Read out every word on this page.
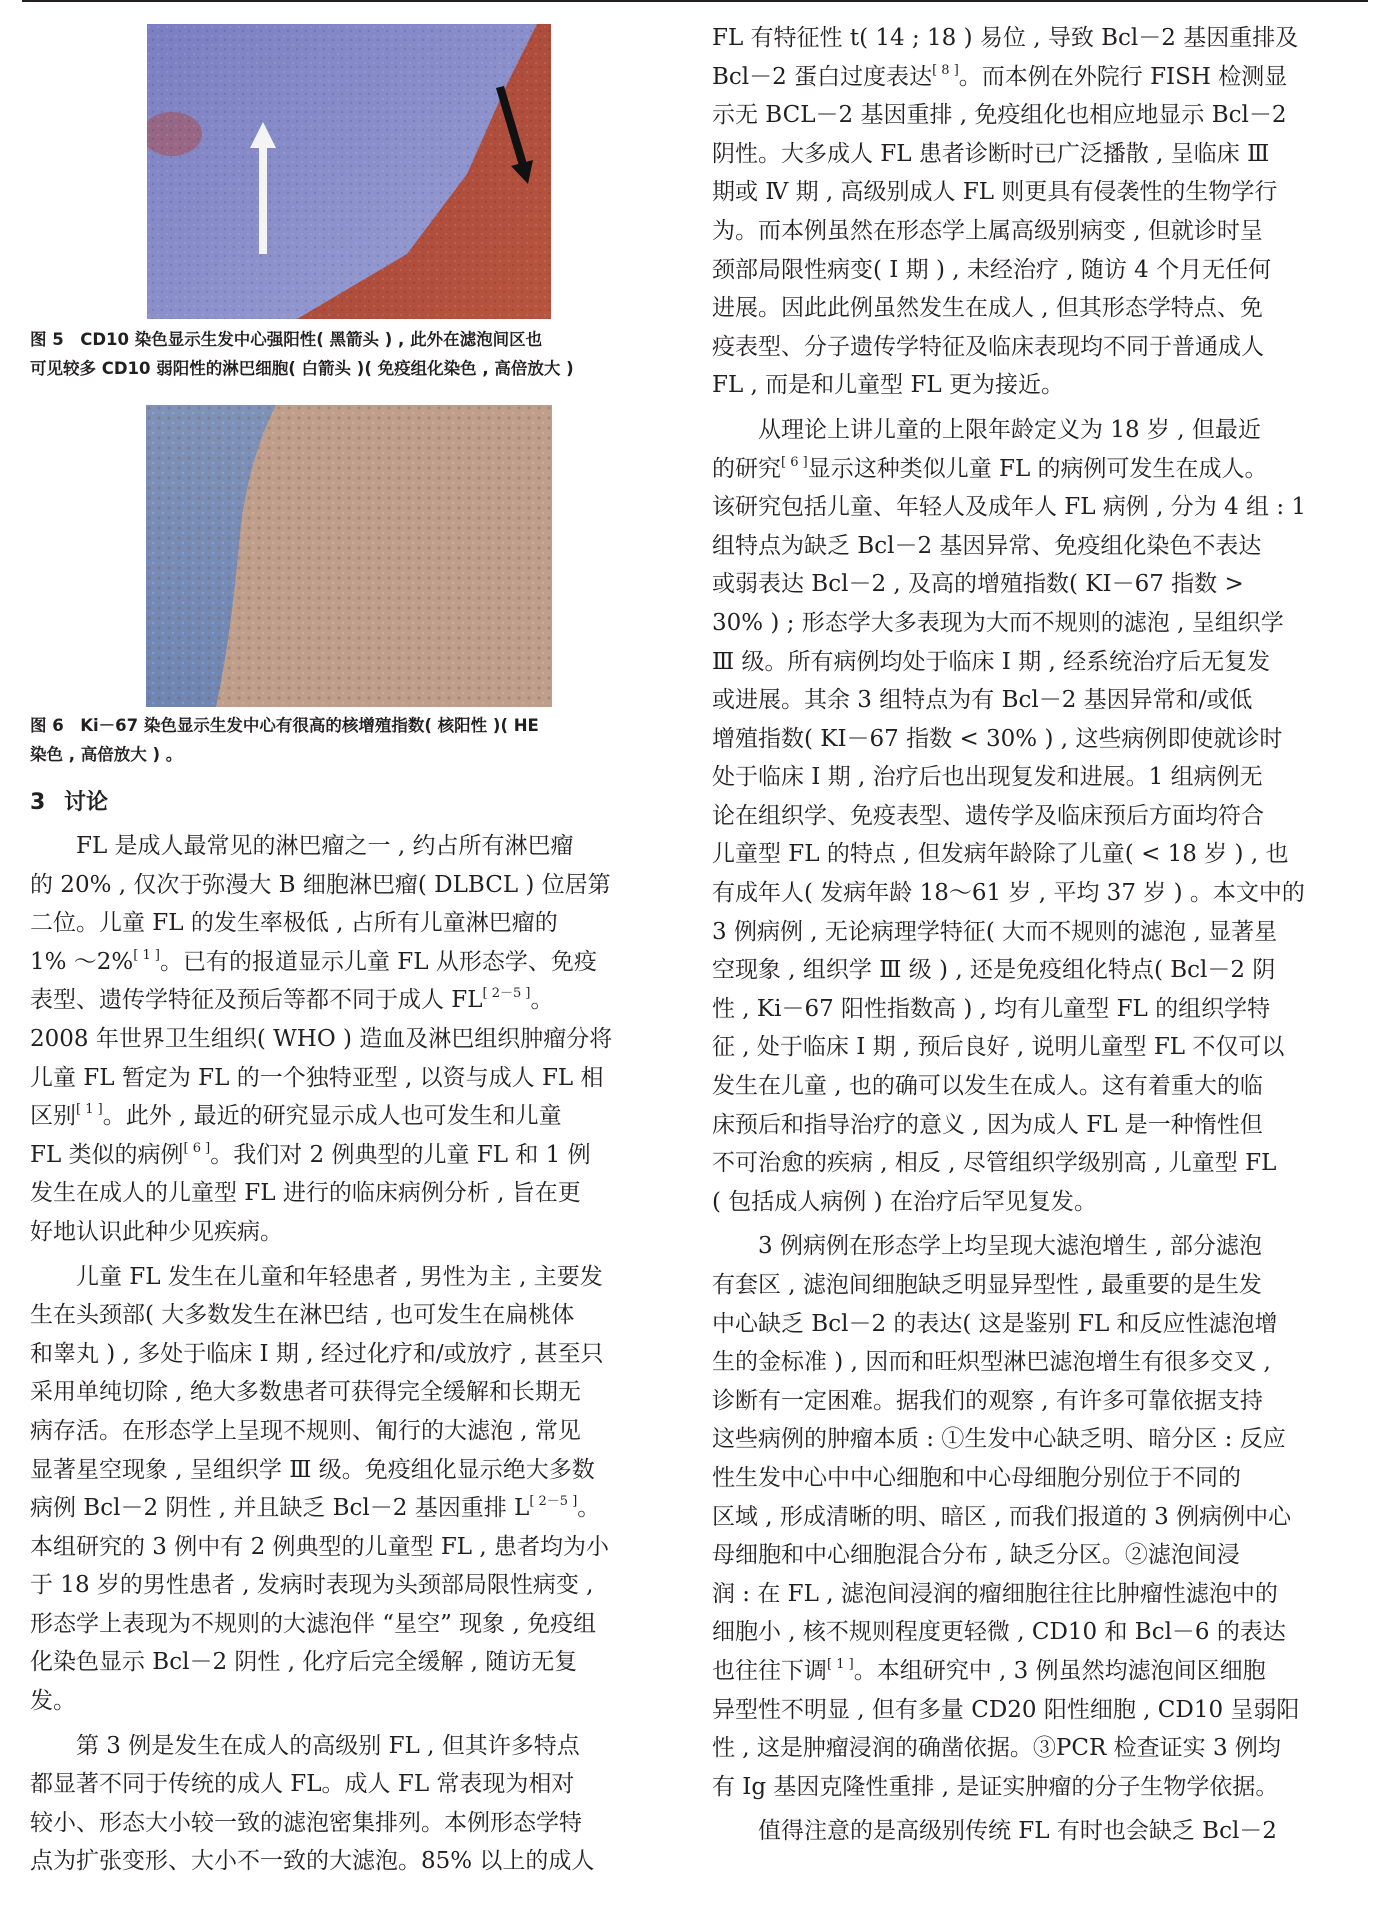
图 5　CD10 染色显示生发中心强阳性( 黑箭头 ) , 此外在滤泡间区也
可见较多 CD10 弱阳性的淋巴细胞( 白箭头 )( 免疫组化染色 , 高倍放大 )
图 6　Ki－67 染色显示生发中心有很高的核增殖指数( 核阳性 )( HE
染色 , 高倍放大 ) 。
3 讨论
　　FL 是成人最常见的淋巴瘤之一 , 约占所有淋巴瘤
的 20% , 仅次于弥漫大 B 细胞淋巴瘤( DLBCL ) 位居第
二位。儿童 FL 的发生率极低 , 占所有儿童淋巴瘤的
1% ～2%[ 1 ]。已有的报道显示儿童 FL 从形态学、免疫
表型、遗传学特征及预后等都不同于成人 FL[ 2－5 ]。
2008 年世界卫生组织( WHO ) 造血及淋巴组织肿瘤分将
儿童 FL 暂定为 FL 的一个独特亚型 , 以资与成人 FL 相
区别[ 1 ]。此外 , 最近的研究显示成人也可发生和儿童
FL 类似的病例[ 6 ]。我们对 2 例典型的儿童 FL 和 1 例
发生在成人的儿童型 FL 进行的临床病例分析 , 旨在更
好地认识此种少见疾病。
　　儿童 FL 发生在儿童和年轻患者 , 男性为主 , 主要发
生在头颈部( 大多数发生在淋巴结 , 也可发生在扁桃体
和睾丸 ) , 多处于临床 Ⅰ 期 , 经过化疗和/或放疗 , 甚至只
采用单纯切除 , 绝大多数患者可获得完全缓解和长期无
病存活。在形态学上呈现不规则、匍行的大滤泡 , 常见
显著星空现象 , 呈组织学 Ⅲ 级。免疫组化显示绝大多数
病例 Bcl－2 阴性 , 并且缺乏 Bcl－2 基因重排 L[ 2－5 ]。
本组研究的 3 例中有 2 例典型的儿童型 FL , 患者均为小
于 18 岁的男性患者 , 发病时表现为头颈部局限性病变 ,
形态学上表现为不规则的大滤泡伴 “星空” 现象 , 免疫组
化染色显示 Bcl－2 阴性 , 化疗后完全缓解 , 随访无复
发。
　　第 3 例是发生在成人的高级别 FL , 但其许多特点
都显著不同于传统的成人 FL。成人 FL 常表现为相对
较小、形态大小较一致的滤泡密集排列。本例形态学特
点为扩张变形、大小不一致的大滤泡。85% 以上的成人
FL 有特征性 t( 14 ; 18 ) 易位 , 导致 Bcl－2 基因重排及
Bcl－2 蛋白过度表达[ 8 ]。而本例在外院行 FISH 检测显
示无 BCL－2 基因重排 , 免疫组化也相应地显示 Bcl－2
阴性。大多成人 FL 患者诊断时已广泛播散 , 呈临床 Ⅲ
期或 Ⅳ 期 , 高级别成人 FL 则更具有侵袭性的生物学行
为。而本例虽然在形态学上属高级别病变 , 但就诊时呈
颈部局限性病变( Ⅰ 期 ) , 未经治疗 , 随访 4 个月无任何
进展。因此此例虽然发生在成人 , 但其形态学特点、免
疫表型、分子遗传学特征及临床表现均不同于普通成人
FL , 而是和儿童型 FL 更为接近。
　　从理论上讲儿童的上限年龄定义为 18 岁 , 但最近
的研究[ 6 ]显示这种类似儿童 FL 的病例可发生在成人。
该研究包括儿童、年轻人及成年人 FL 病例 , 分为 4 组 : 1
组特点为缺乏 Bcl－2 基因异常、免疫组化染色不表达
或弱表达 Bcl－2 , 及高的增殖指数( KI－67 指数 >
30% ) ; 形态学大多表现为大而不规则的滤泡 , 呈组织学
Ⅲ 级。所有病例均处于临床 Ⅰ 期 , 经系统治疗后无复发
或进展。其余 3 组特点为有 Bcl－2 基因异常和/或低
增殖指数( KI－67 指数 < 30% ) , 这些病例即使就诊时
处于临床 Ⅰ 期 , 治疗后也出现复发和进展。1 组病例无
论在组织学、免疫表型、遗传学及临床预后方面均符合
儿童型 FL 的特点 , 但发病年龄除了儿童( < 18 岁 ) , 也
有成年人( 发病年龄 18～61 岁 , 平均 37 岁 ) 。本文中的
3 例病例 , 无论病理学特征( 大而不规则的滤泡 , 显著星
空现象 , 组织学 Ⅲ 级 ) , 还是免疫组化特点( Bcl－2 阴
性 , Ki－67 阳性指数高 ) , 均有儿童型 FL 的组织学特
征 , 处于临床 Ⅰ 期 , 预后良好 , 说明儿童型 FL 不仅可以
发生在儿童 , 也的确可以发生在成人。这有着重大的临
床预后和指导治疗的意义 , 因为成人 FL 是一种惰性但
不可治愈的疾病 , 相反 , 尽管组织学级别高 , 儿童型 FL
( 包括成人病例 ) 在治疗后罕见复发。
　　3 例病例在形态学上均呈现大滤泡增生 , 部分滤泡
有套区 , 滤泡间细胞缺乏明显异型性 , 最重要的是生发
中心缺乏 Bcl－2 的表达( 这是鉴别 FL 和反应性滤泡增
生的金标准 ) , 因而和旺炽型淋巴滤泡增生有很多交叉 ,
诊断有一定困难。据我们的观察 , 有许多可靠依据支持
这些病例的肿瘤本质 : ①生发中心缺乏明、暗分区 : 反应
性生发中心中中心细胞和中心母细胞分别位于不同的
区域 , 形成清晰的明、暗区 , 而我们报道的 3 例病例中心
母细胞和中心细胞混合分布 , 缺乏分区。②滤泡间浸
润 : 在 FL , 滤泡间浸润的瘤细胞往往比肿瘤性滤泡中的
细胞小 , 核不规则程度更轻微 , CD10 和 Bcl－6 的表达
也往往下调[ 1 ]。本组研究中 , 3 例虽然均滤泡间区细胞
异型性不明显 , 但有多量 CD20 阳性细胞 , CD10 呈弱阳
性 , 这是肿瘤浸润的确凿依据。③PCR 检查证实 3 例均
有 Ig 基因克隆性重排 , 是证实肿瘤的分子生物学依据。
　　值得注意的是高级别传统 FL 有时也会缺乏 Bcl－2
